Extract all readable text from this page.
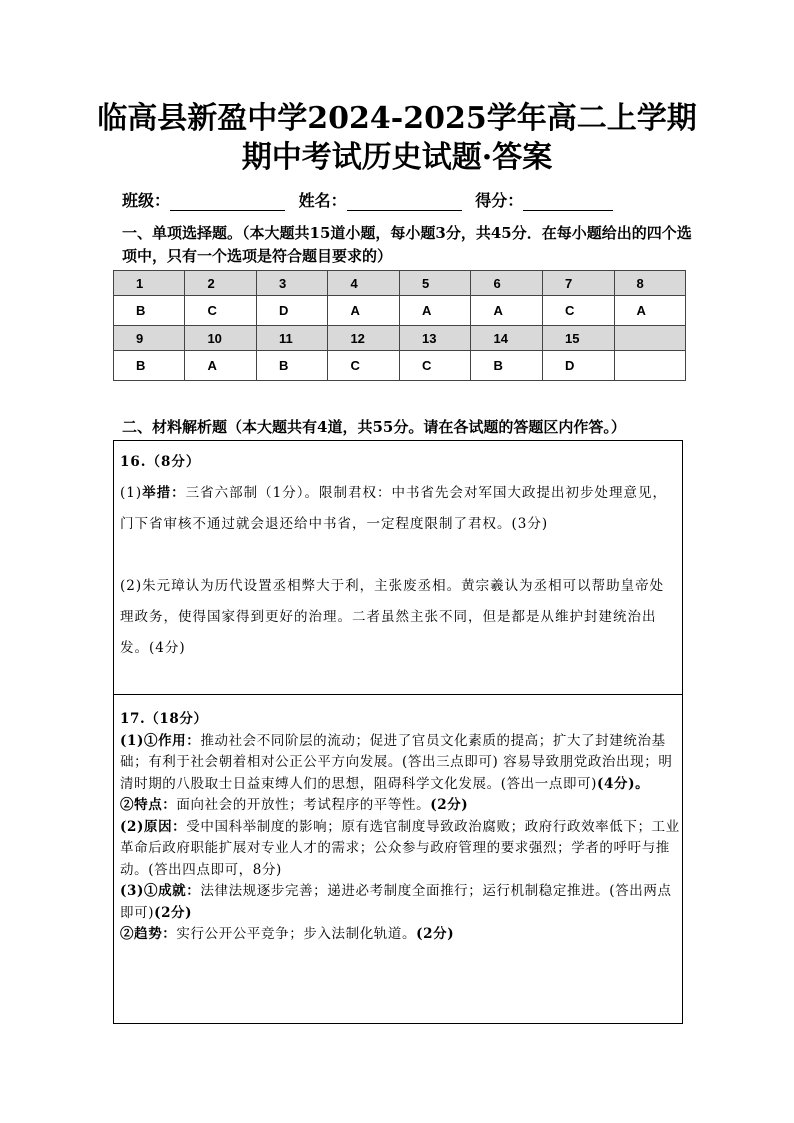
临高县新盈中学2024-2025学年高二上学期
期中考试历史试题·答案
班级：	姓名：	得分：
一、单项选择题。（本大题共15道小题，每小题3分，共45分．在每小题给出的四个选项中，只有一个选项是符合题目要求的）
1	2	3	4	5	6	7	8
B	C	D	A	A	A	C	A
9	10	11	12	13	14	15	
B	A	B	C	C	B	D	
二、材料解析题（本大题共有4道，共55分。请在各试题的答题区内作答。）

16.（8分）

(1)举措：三省六部制（1分）。限制君权：中书省先会对军国大政提出初步处理意见，门下省审核不通过就会退还给中书省，一定程度限制了君权。(3分)

(2)朱元璋认为历代设置丞相弊大于利，主张废丞相。黄宗羲认为丞相可以帮助皇帝处理政务，使得国家得到更好的治理。二者虽然主张不同，但是都是从维护封建统治出发。(4分)

17.（18分）

(1)①作用：推动社会不同阶层的流动；促进了官员文化素质的提高；扩大了封建统治基础；有利于社会朝着相对公正公平方向发展。(答出三点即可) 容易导致朋党政治出现；明清时期的八股取士日益束缚人们的思想，阻碍科学文化发展。(答出一点即可)(4分)。

②特点：面向社会的开放性；考试程序的平等性。(2分)

(2)原因：受中国科举制度的影响；原有选官制度导致政治腐败；政府行政效率低下；工业革命后政府职能扩展对专业人才的需求；公众参与政府管理的要求强烈；学者的呼吁与推动。(答出四点即可，8分)

(3)①成就：法律法规逐步完善；递进必考制度全面推行；运行机制稳定推进。(答出两点即可)(2分)

②趋势：实行公开公平竞争；步入法制化轨道。(2分)
